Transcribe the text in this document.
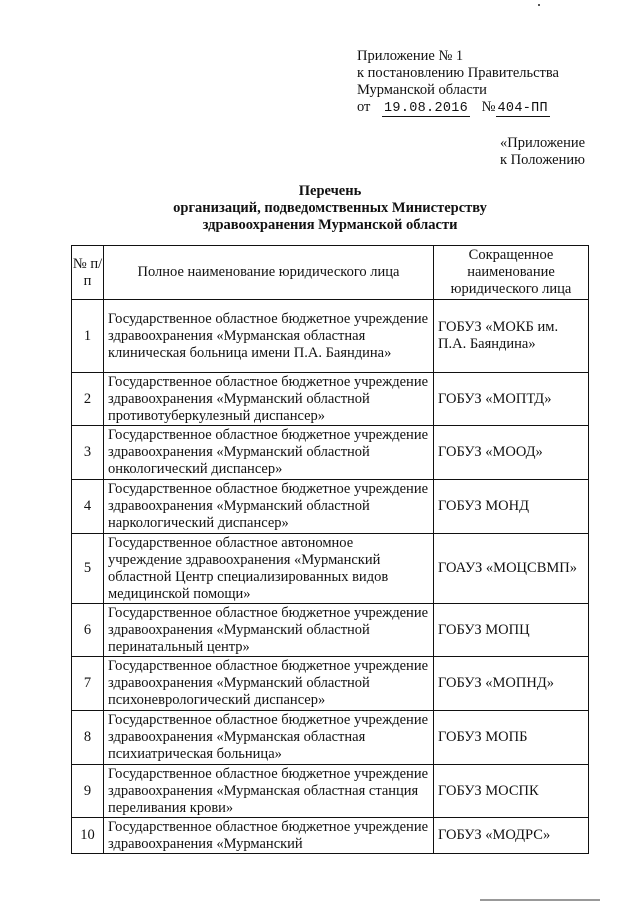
Приложение № 1
к постановлению Правительства
Мурманской области
от 19.08.2016 № 404-ПП
«Приложение
к Положению
Перечень
организаций, подведомственных Министерству
здравоохранения Мурманской области
№ п/п	Полное наименование юридического лица	Сокращенное наименование юридического лица
1	Государственное областное бюджетное учреждение здравоохранения «Мурманская областная клиническая больница имени П.А. Баяндина»	ГОБУЗ «МОКБ им. П.А. Баяндина»
2	Государственное областное бюджетное учреждение здравоохранения «Мурманский областной противотуберкулезный диспансер»	ГОБУЗ «МОПТД»
3	Государственное областное бюджетное учреждение здравоохранения «Мурманский областной онкологический диспансер»	ГОБУЗ «МООД»
4	Государственное областное бюджетное учреждение здравоохранения «Мурманский областной наркологический диспансер»	ГОБУЗ МОНД
5	Государственное областное автономное учреждение здравоохранения «Мурманский областной Центр специализированных видов медицинской помощи»	ГОАУЗ «МОЦСВМП»
6	Государственное областное бюджетное учреждение здравоохранения «Мурманский областной перинатальный центр»	ГОБУЗ МОПЦ
7	Государственное областное бюджетное учреждение здравоохранения «Мурманский областной психоневрологический диспансер»	ГОБУЗ «МОПНД»
8	Государственное областное бюджетное учреждение здравоохранения «Мурманская областная психиатрическая больница»	ГОБУЗ МОПБ
9	Государственное областное бюджетное учреждение здравоохранения «Мурманская областная станция переливания крови»	ГОБУЗ МОСПК
10	Государственное областное бюджетное учреждение здравоохранения «Мурманский	ГОБУЗ «МОДРС»
